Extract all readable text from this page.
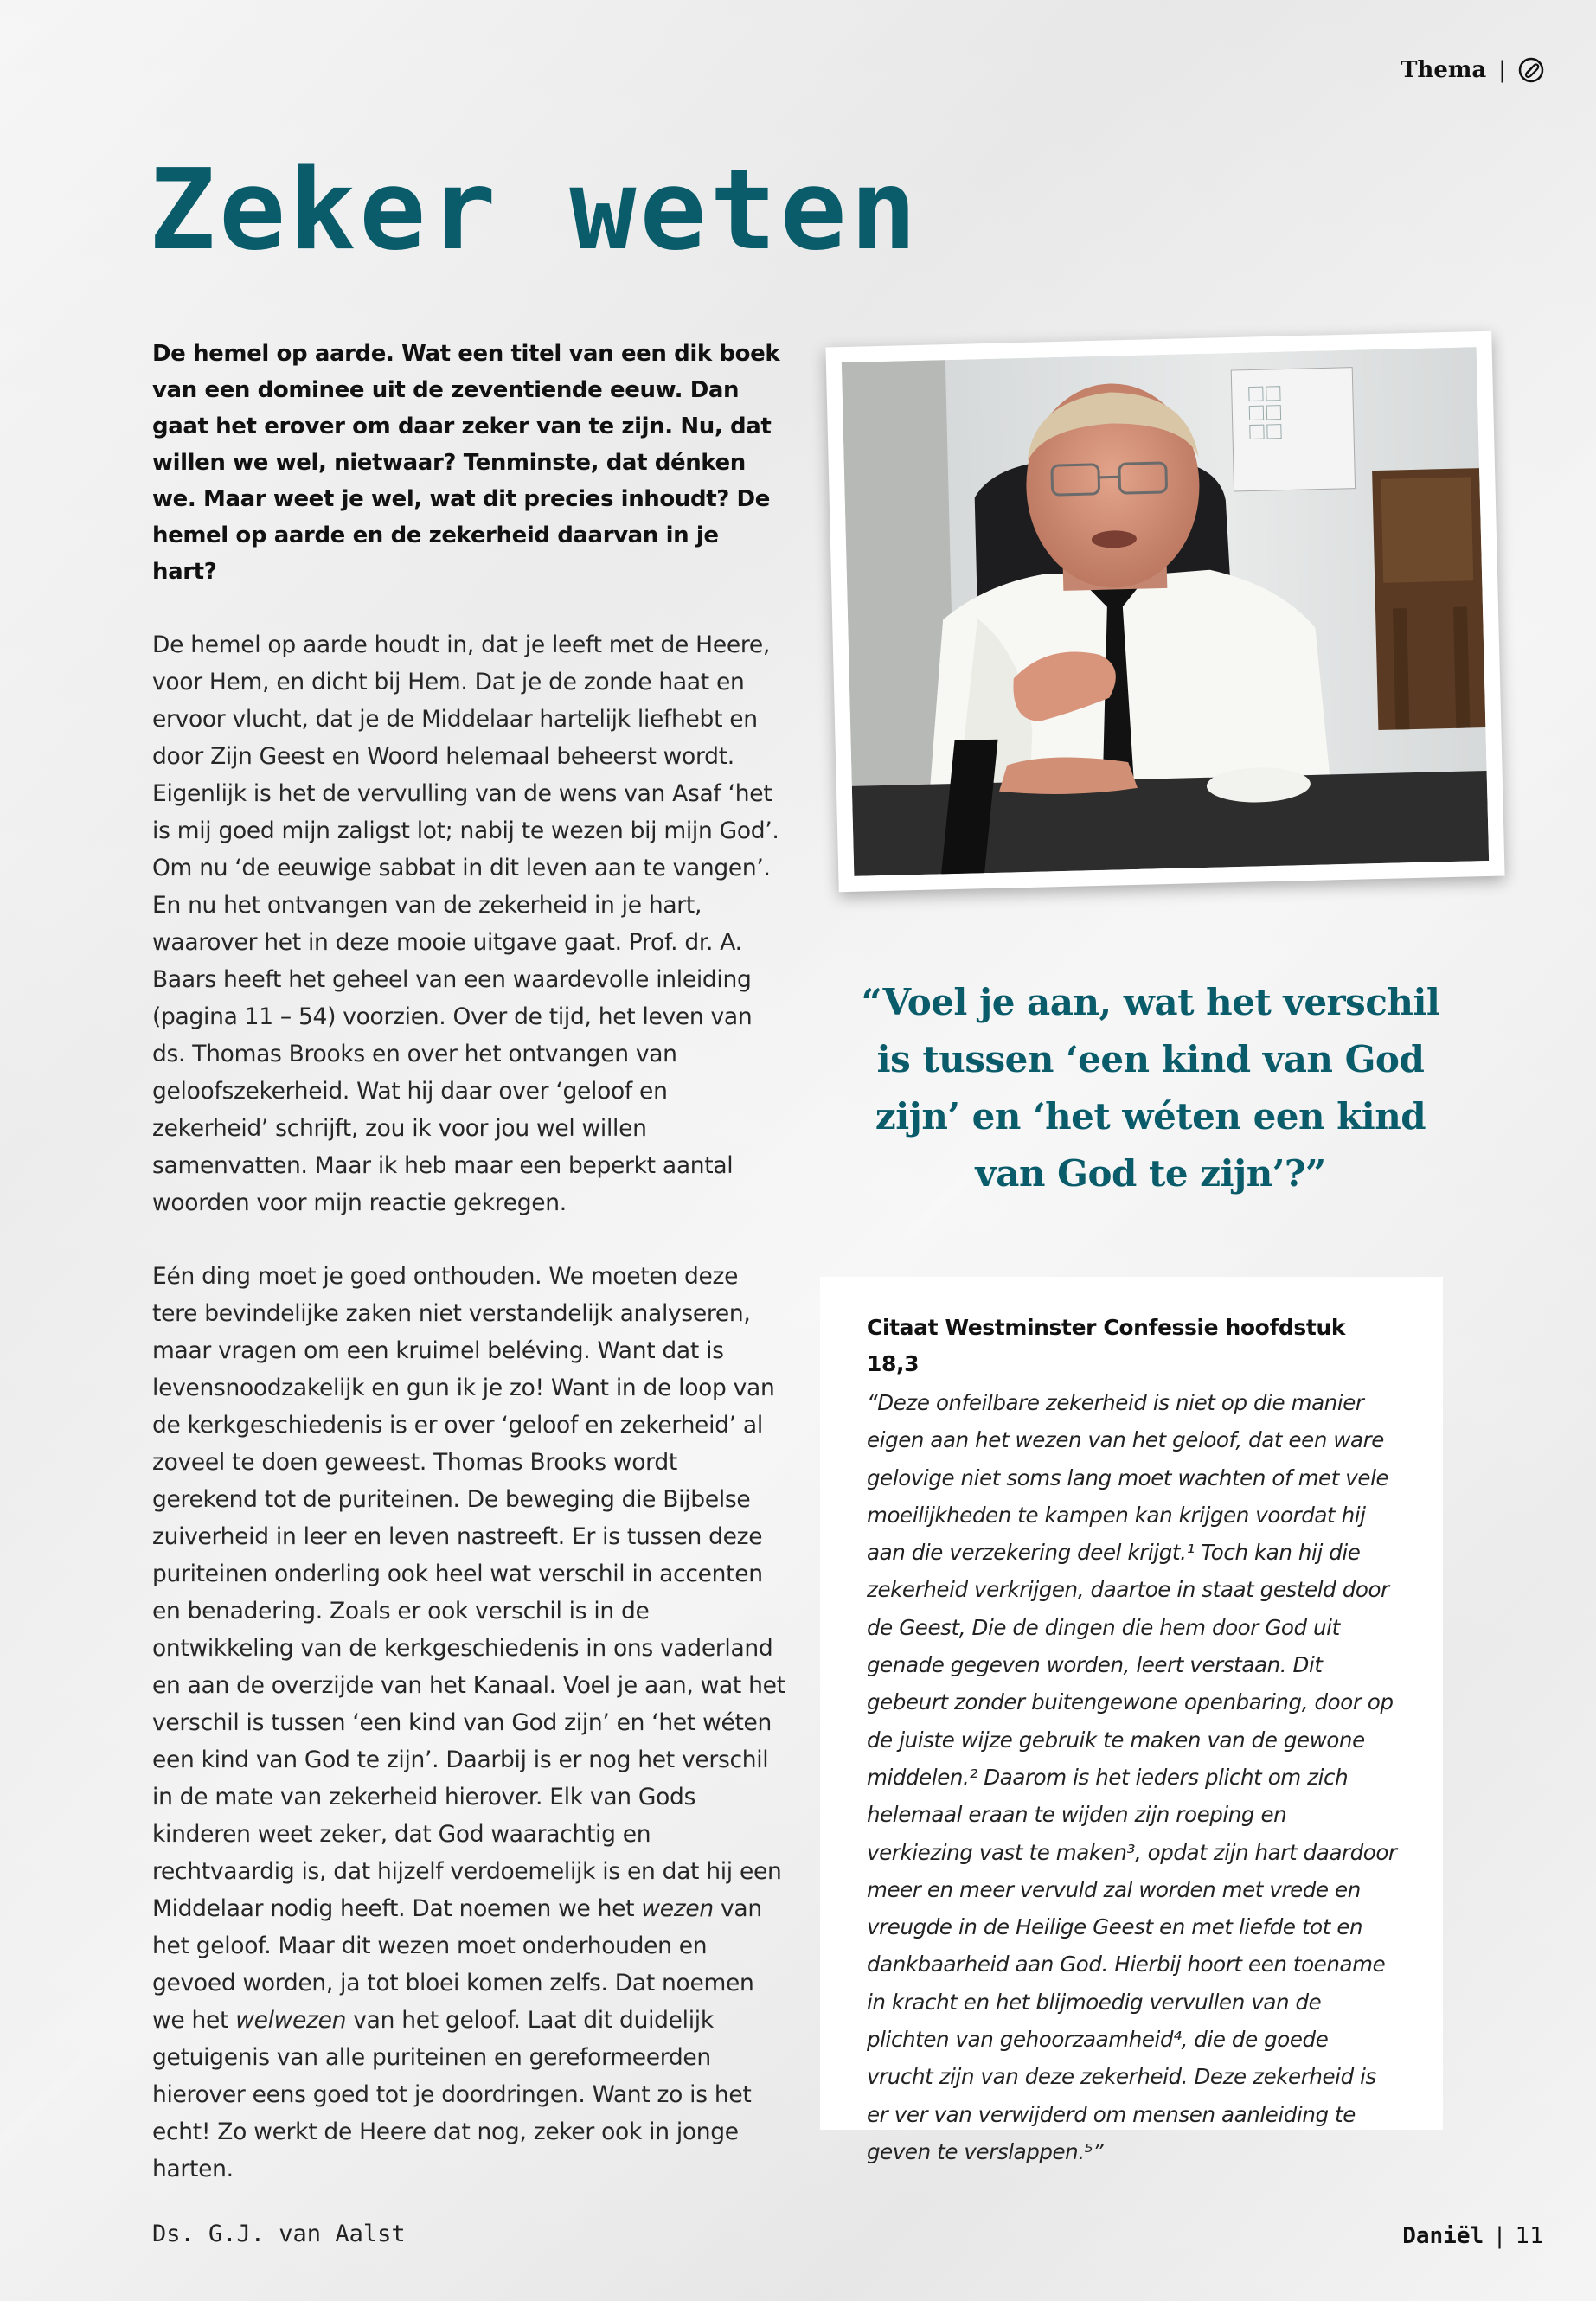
Thema |
Zeker weten

De hemel op aarde. Wat een titel van een dik boek van een dominee uit de zeventiende eeuw. Dan gaat het erover om daar zeker van te zijn. Nu, dat willen we wel, nietwaar? Tenminste, dat dénken we. Maar weet je wel, wat dit precies inhoudt? De hemel op aarde en de zekerheid daarvan in je hart?

De hemel op aarde houdt in, dat je leeft met de Heere, voor Hem, en dicht bij Hem. Dat je de zonde haat en ervoor vlucht, dat je de Middelaar hartelijk liefhebt en door Zijn Geest en Woord helemaal beheerst wordt. Eigenlijk is het de vervulling van de wens van Asaf ‘het is mij goed mijn zaligst lot; nabij te wezen bij mijn God’. Om nu ‘de eeuwige sabbat in dit leven aan te vangen’.
En nu het ontvangen van de zekerheid in je hart, waarover het in deze mooie uitgave gaat. Prof. dr. A. Baars heeft het geheel van een waardevolle inleiding (pagina 11 – 54) voorzien. Over de tijd, het leven van ds. Thomas Brooks en over het ontvangen van geloofszekerheid. Wat hij daar over ‘geloof en zekerheid’ schrijft, zou ik voor jou wel willen samenvatten. Maar ik heb maar een beperkt aantal woorden voor mijn reactie gekregen.

Eén ding moet je goed onthouden. We moeten deze tere bevindelijke zaken niet verstandelijk analyseren, maar vragen om een kruimel beléving. Want dat is levensnoodzakelijk en gun ik je zo! Want in de loop van de kerkgeschiedenis is er over ‘geloof en zekerheid’ al zoveel te doen geweest. Thomas Brooks wordt gerekend tot de puriteinen. De beweging die Bijbelse zuiverheid in leer en leven nastreeft. Er is tussen deze puriteinen onderling ook heel wat verschil in accenten en benadering. Zoals er ook verschil is in de ontwikkeling van de kerkgeschiedenis in ons vaderland en aan de overzijde van het Kanaal. Voel je aan, wat het verschil is tussen ‘een kind van God zijn’ en ‘het wéten een kind van God te zijn’. Daarbij is er nog het verschil in de mate van zekerheid hierover. Elk van Gods kinderen weet zeker, dat God waarachtig en rechtvaardig is, dat hijzelf verdoemelijk is en dat hij een Middelaar nodig heeft. Dat noemen we het wezen van het geloof. Maar dit wezen moet onderhouden en gevoed worden, ja tot bloei komen zelfs. Dat noemen we het welwezen van het geloof. Laat dit duidelijk getuigenis van alle puriteinen en gereformeerden hierover eens goed tot je doordringen. Want zo is het echt! Zo werkt de Heere dat nog, zeker ook in jonge harten.

Ds. G.J. van Aalst

“Voel je aan, wat het verschil is tussen ‘een kind van God zijn’ en ‘het wéten een kind van God te zijn’?”

Citaat Westminster Confessie hoofdstuk 18,3

“Deze onfeilbare zekerheid is niet op die manier eigen aan het wezen van het geloof, dat een ware gelovige niet soms lang moet wachten of met vele moeilijkheden te kampen kan krijgen voordat hij aan die verzekering deel krijgt.¹ Toch kan hij die zekerheid verkrijgen, daartoe in staat gesteld door de Geest, Die de dingen die hem door God uit genade gegeven worden, leert verstaan. Dit gebeurt zonder buitengewone openbaring, door op de juiste wijze gebruik te maken van de gewone middelen.² Daarom is het ieders plicht om zich helemaal eraan te wijden zijn roeping en verkiezing vast te maken³, opdat zijn hart daardoor meer en meer vervuld zal worden met vrede en vreugde in de Heilige Geest en met liefde tot en dankbaarheid aan God. Hierbij hoort een toename in kracht en het blijmoedig vervullen van de plichten van gehoorzaamheid⁴, die de goede vrucht zijn van deze zekerheid. Deze zekerheid is er ver van verwijderd om mensen aanleiding te geven te verslappen.⁵”

Daniël | 11
